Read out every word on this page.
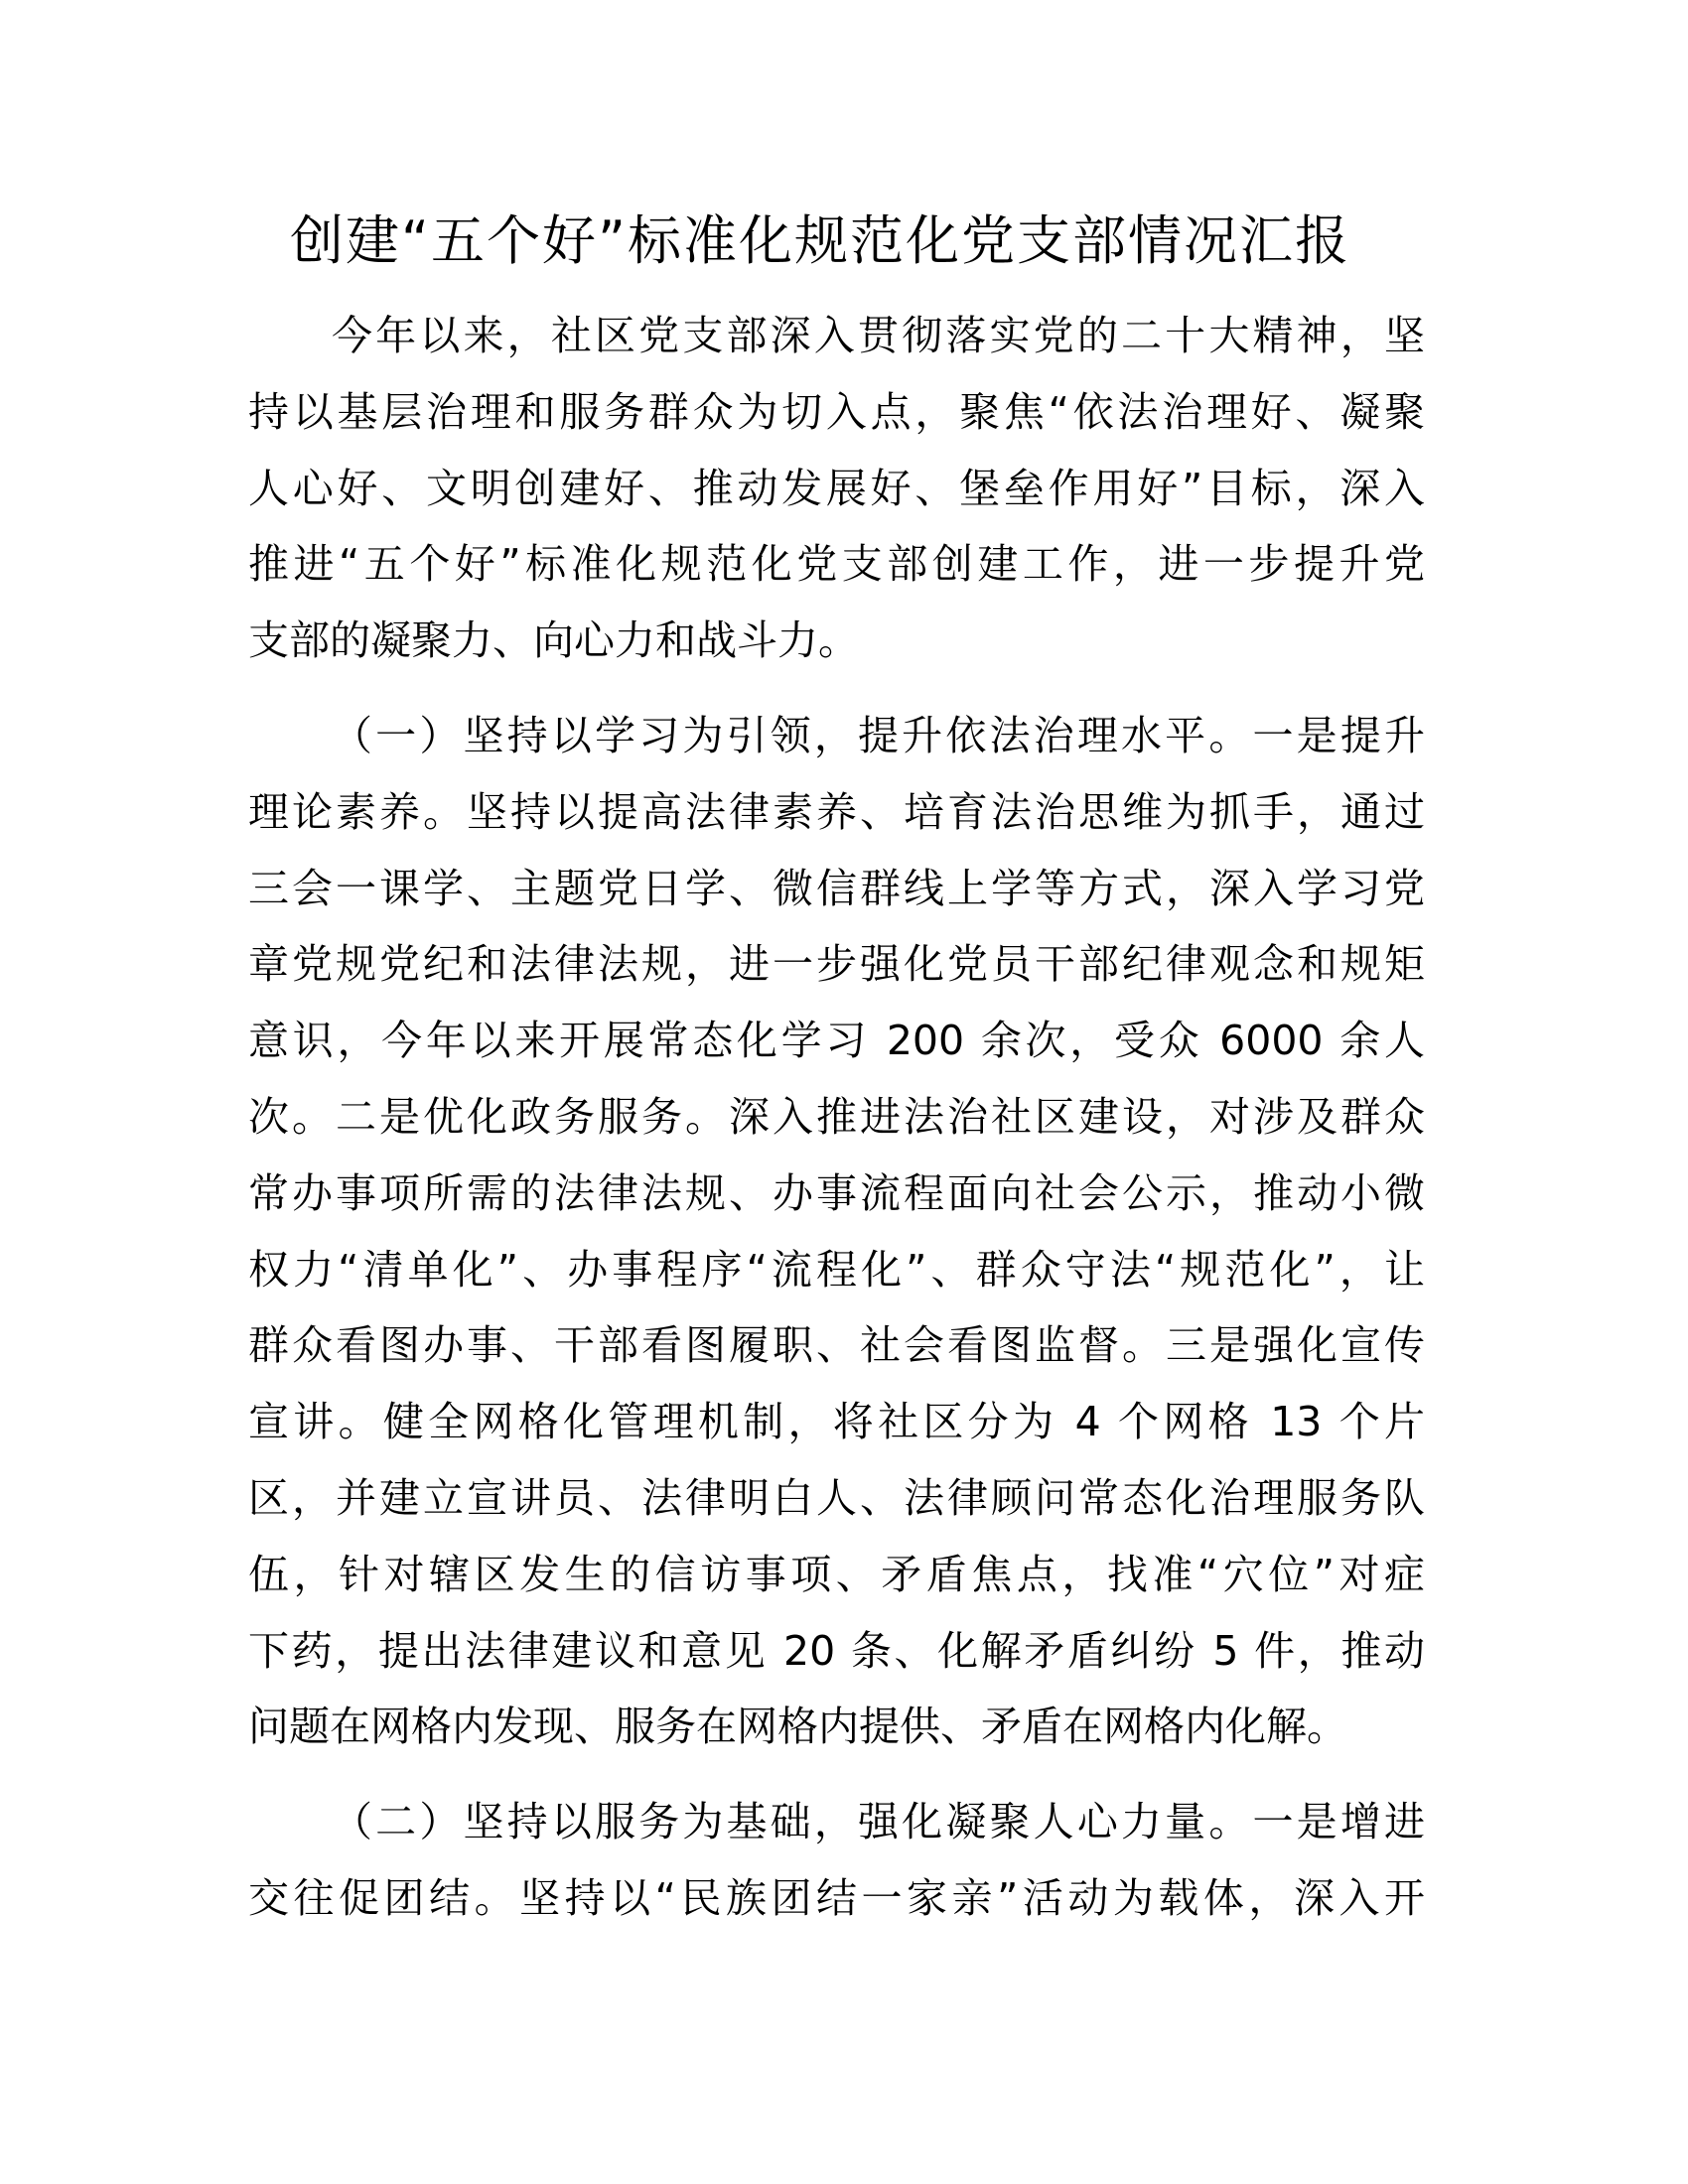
创建“五个好”标准化规范化党支部情况汇报
今年以来，社区党支部深入贯彻落实党的二十大精神，坚
持以基层治理和服务群众为切入点，聚焦“依法治理好、凝聚
人心好、文明创建好、推动发展好、堡垒作用好”目标，深入
推进“五个好”标准化规范化党支部创建工作，进一步提升党
支部的凝聚力、向心力和战斗力。
（一）坚持以学习为引领，提升依法治理水平。一是提升
理论素养。坚持以提高法律素养、培育法治思维为抓手，通过
三会一课学、主题党日学、微信群线上学等方式，深入学习党
章党规党纪和法律法规，进一步强化党员干部纪律观念和规矩
意识，今年以来开展常态化学习 200 余次，受众 6000 余人
次。二是优化政务服务。深入推进法治社区建设，对涉及群众
常办事项所需的法律法规、办事流程面向社会公示，推动小微
权力“清单化”、办事程序“流程化”、群众守法“规范化”，让
群众看图办事、干部看图履职、社会看图监督。三是强化宣传
宣讲。健全网格化管理机制，将社区分为 4 个网格 13 个片
区，并建立宣讲员、法律明白人、法律顾问常态化治理服务队
伍，针对辖区发生的信访事项、矛盾焦点，找准“穴位”对症
下药，提出法律建议和意见 20 条、化解矛盾纠纷 5 件，推动
问题在网格内发现、服务在网格内提供、矛盾在网格内化解。
（二）坚持以服务为基础，强化凝聚人心力量。一是增进
交往促团结。坚持以“民族团结一家亲”活动为载体，深入开
